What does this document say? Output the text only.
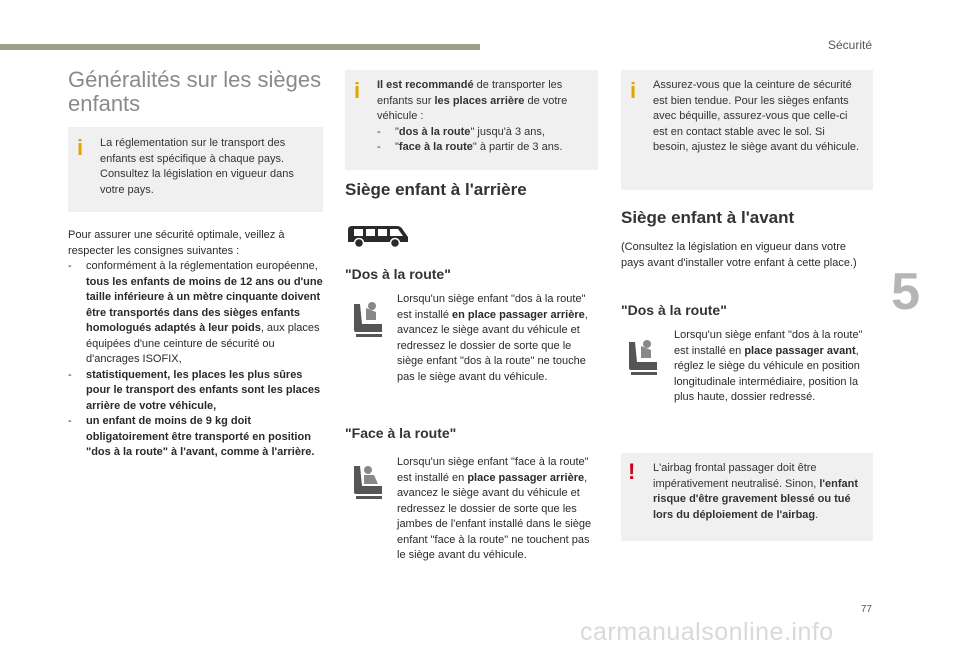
Sécurité
5
Généralités sur les sièges
enfants
i	La réglementation sur le transport des enfants est spécifique à chaque pays. Consultez la législation en vigueur dans votre pays.
Pour assurer une sécurité optimale, veillez à respecter les consignes suivantes :
- conformément à la réglementation européenne, tous les enfants de moins de 12 ans ou d'une taille inférieure à un mètre cinquante doivent être transportés dans des sièges enfants homologués adaptés à leur poids, aux places équipées d'une ceinture de sécurité ou d'ancrages ISOFIX,
- statistiquement, les places les plus sûres pour le transport des enfants sont les places arrière de votre véhicule,
- un enfant de moins de 9 kg doit obligatoirement être transporté en position "dos à la route" à l'avant, comme à l'arrière.
i	Il est recommandé de transporter les enfants sur les places arrière de votre véhicule :
- "dos à la route" jusqu'à 3 ans,
- "face à la route" à partir de 3 ans.
Siège enfant à l'arrière
"Dos à la route"
Lorsqu'un siège enfant "dos à la route" est installé en place passager arrière, avancez le siège avant du véhicule et redressez le dossier de sorte que le siège enfant "dos à la route" ne touche pas le siège avant du véhicule.
"Face à la route"
Lorsqu'un siège enfant "face à la route" est installé en place passager arrière, avancez le siège avant du véhicule et redressez le dossier de sorte que les jambes de l'enfant installé dans le siège enfant "face à la route" ne touchent pas le siège avant du véhicule.
i	Assurez-vous que la ceinture de sécurité est bien tendue. Pour les sièges enfants avec béquille, assurez-vous que celle-ci est en contact stable avec le sol. Si besoin, ajustez le siège avant du véhicule.
Siège enfant à l'avant
(Consultez la législation en vigueur dans votre pays avant d'installer votre enfant à cette place.)
"Dos à la route"
Lorsqu'un siège enfant "dos à la route" est installé en place passager avant, réglez le siège du véhicule en position longitudinale intermédiaire, position la plus haute, dossier redressé.
!	L'airbag frontal passager doit être impérativement neutralisé. Sinon, l'enfant risque d'être gravement blessé ou tué lors du déploiement de l'airbag.
77
carmanualsonline.info
